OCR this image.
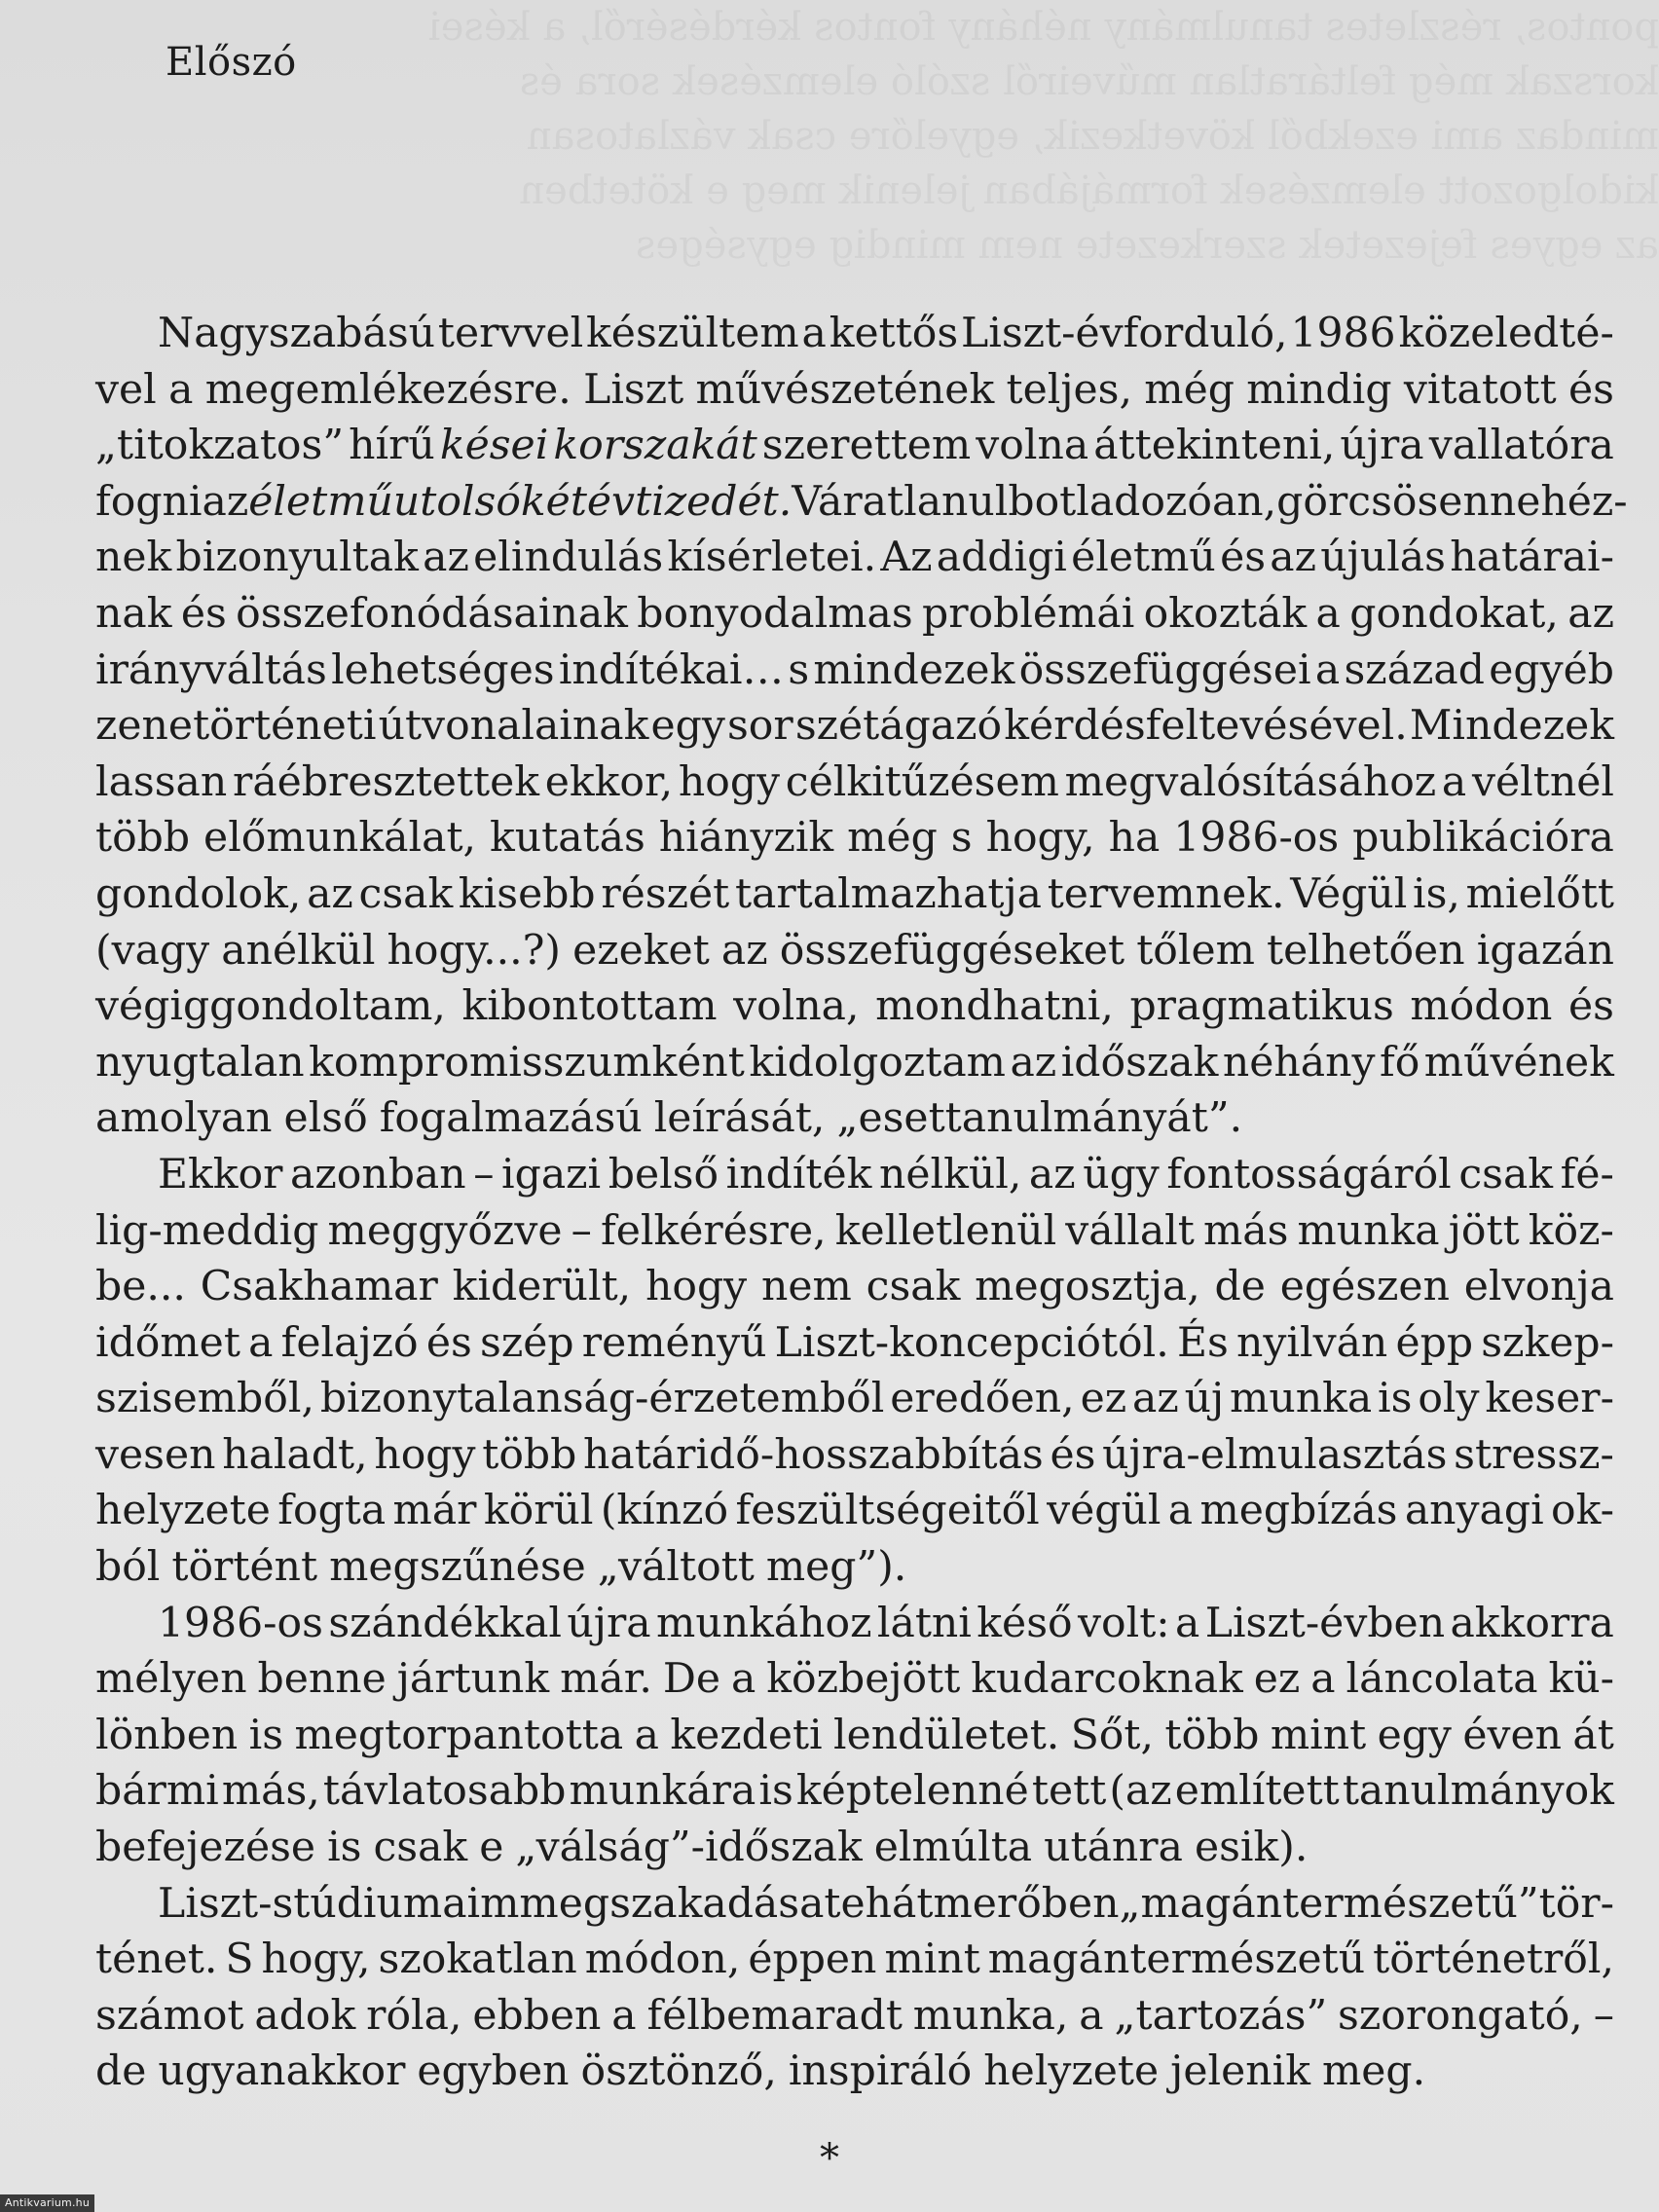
Előszó
Nagyszabású tervvel készültem a kettős Liszt-évforduló, 1986 közeledté-
vel a megemlékezésre. Liszt művészetének teljes, még mindig vitatott és
„titokzatos” hírű kései korszakát szerettem volna áttekinteni, újra vallatóra
fogni az életmű utolsó két évtizedét. Váratlanul botladozóan, görcsösen nehéz-
nek bizonyultak az elindulás kísérletei. Az addigi életmű és az újulás határai-
nak és összefonódásainak bonyodalmas problémái okozták a gondokat, az
irányváltás lehetséges indítékai… s mindezek összefüggései a század egyéb
zenetörténeti útvonalainak egy sor szétágazó kérdésfeltevésével. Mindezek
lassan ráébresztettek ekkor, hogy célkitűzésem megvalósításához a véltnél
több előmunkálat, kutatás hiányzik még s hogy, ha 1986-os publikációra
gondolok, az csak kisebb részét tartalmazhatja tervemnek. Végül is, mielőtt
(vagy anélkül hogy...?) ezeket az összefüggéseket tőlem telhetően igazán
végiggondoltam, kibontottam volna, mondhatni, pragmatikus módon és
nyugtalan kompromisszumként kidolgoztam az időszak néhány fő művének
amolyan első fogalmazású leírását, „esettanulmányát”.
Ekkor azonban – igazi belső indíték nélkül, az ügy fontosságáról csak fé-
lig-meddig meggyőzve – felkérésre, kelletlenül vállalt más munka jött köz-
be... Csakhamar kiderült, hogy nem csak megosztja, de egészen elvonja
időmet a felajzó és szép reményű Liszt-koncepciótól. És nyilván épp szkep-
szisemből, bizonytalanság-érzetemből eredően, ez az új munka is oly keser-
vesen haladt, hogy több határidő-hosszabbítás és újra-elmulasztás stressz-
helyzete fogta már körül (kínzó feszültségeitől végül a megbízás anyagi ok-
ból történt megszűnése „váltott meg”).
1986-os szándékkal újra munkához látni késő volt: a Liszt-évben akkorra
mélyen benne jártunk már. De a közbejött kudarcoknak ez a láncolata kü-
lönben is megtorpantotta a kezdeti lendületet. Sőt, több mint egy éven át
bármi más, távlatosabb munkára is képtelenné tett (az említett tanulmányok
befejezése is csak e „válság”-időszak elmúlta utánra esik).
Liszt-stúdiumaim megszakadása tehát merőben „magántermészetű” tör-
ténet. S hogy, szokatlan módon, éppen mint magántermészetű történetről,
számot adok róla, ebben a félbemaradt munka, a „tartozás” szorongató, –
de ugyanakkor egyben ösztönző, inspiráló helyzete jelenik meg.
*
Antikvarium.hu
